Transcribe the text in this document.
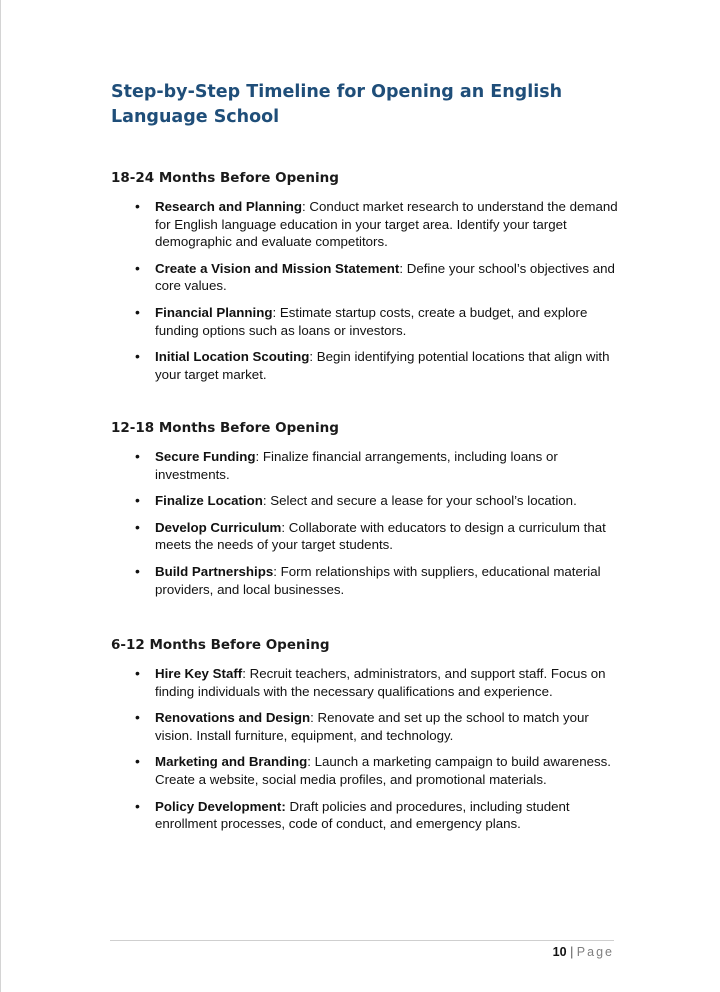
Step-by-Step Timeline for Opening an English Language School
18-24 Months Before Opening
• Research and Planning: Conduct market research to understand the demand for English language education in your target area. Identify your target demographic and evaluate competitors.
• Create a Vision and Mission Statement: Define your school’s objectives and core values.
• Financial Planning: Estimate startup costs, create a budget, and explore funding options such as loans or investors.
• Initial Location Scouting: Begin identifying potential locations that align with your target market.
12-18 Months Before Opening
• Secure Funding: Finalize financial arrangements, including loans or investments.
• Finalize Location: Select and secure a lease for your school’s location.
• Develop Curriculum: Collaborate with educators to design a curriculum that meets the needs of your target students.
• Build Partnerships: Form relationships with suppliers, educational material providers, and local businesses.
6-12 Months Before Opening
• Hire Key Staff: Recruit teachers, administrators, and support staff. Focus on finding individuals with the necessary qualifications and experience.
• Renovations and Design: Renovate and set up the school to match your vision. Install furniture, equipment, and technology.
• Marketing and Branding: Launch a marketing campaign to build awareness. Create a website, social media profiles, and promotional materials.
• Policy Development: Draft policies and procedures, including student enrollment processes, code of conduct, and emergency plans.
10 | Page
